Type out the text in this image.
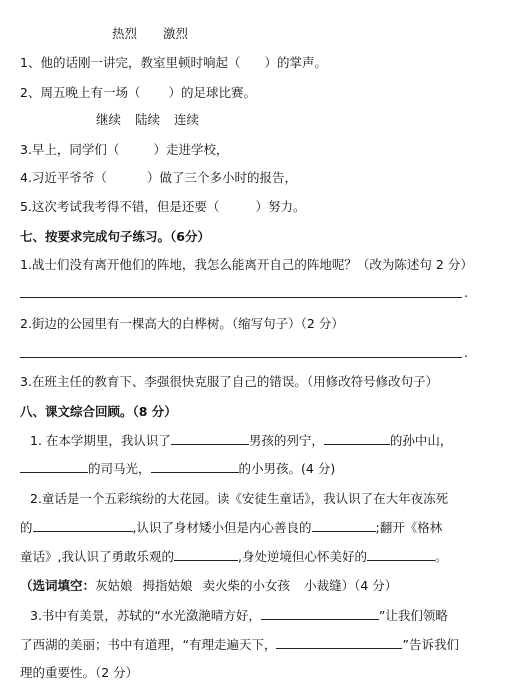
热烈 激烈
1、他的话刚一讲完，教室里顿时响起（ ）的掌声。
2、周五晚上有一场（ ）的足球比赛。
继续 陆续 连续
3.早上，同学们（	）走进学校，
4.习近平爷爷（	）做了三个多小时的报告，
5.这次考试我考得不错，但是还要（	）努力。
七、按要求完成句子练习。（6分）
1.战士们没有离开他们的阵地，我怎么能离开自己的阵地呢？（改为陈述句 2 分）
.
2.街边的公园里有一棵高大的白桦树。（缩写句子）（2 分）
.
3.在班主任的教育下、李强很快克服了自己的错误。（用修改符号修改句子）
八、课文综合回顾。（8 分）
1. 在本学期里，我认识了	男孩的列宁，	的孙中山，
的司马光，	的小男孩。(4 分)
2.童话是一个五彩缤纷的大花园。读《安徒生童话》，我认识了在大年夜冻死
的	,认识了身材矮小但是内心善良的	;翻开《格林
童话》,我认识了勇敢乐观的	,身处逆境但心怀美好的	。
（选词填空：灰姑娘 拇指姑娘 卖火柴的小女孩 小裁缝）（4 分）
3.书中有美景，苏轼的“水光潋滟晴方好，	”让我们领略
了西湖的美丽；书中有道理，“有理走遍天下，	”告诉我们
理的重要性。（2 分）
